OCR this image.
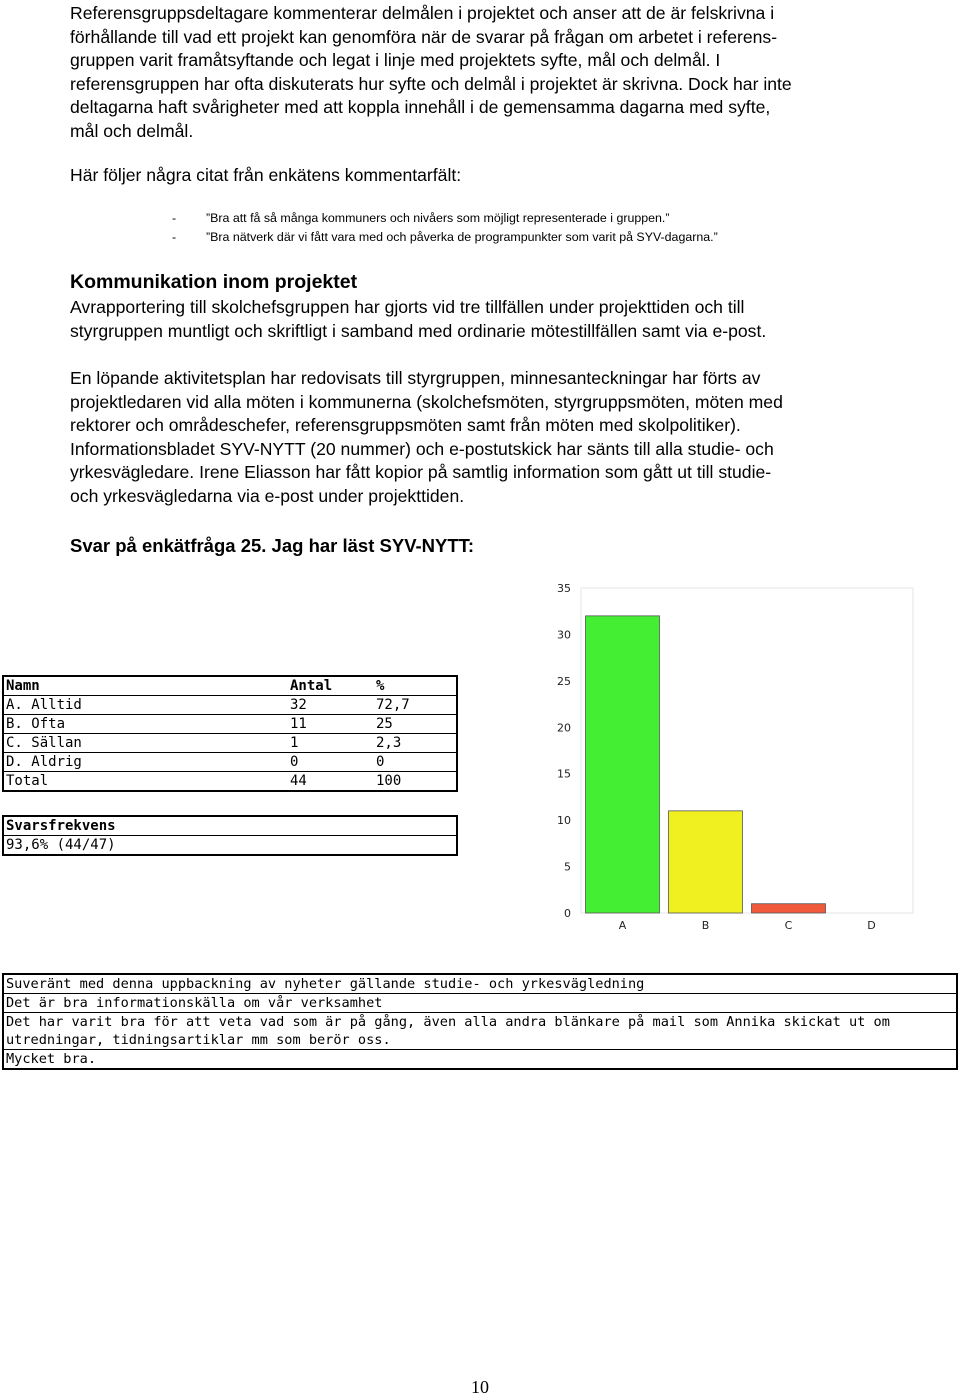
Referensgruppsdeltagare kommenterar delmålen i projektet och anser att de är felskrivna i
förhållande till vad ett projekt kan genomföra när de svarar på frågan om arbetet i referens-
gruppen varit framåtsyftande och legat i linje med projektets syfte, mål och delmål. I
referensgruppen har ofta diskuterats hur syfte och delmål i projektet är skrivna. Dock har inte
deltagarna haft svårigheter med att koppla innehåll i de gemensamma dagarna med syfte,
mål och delmål.

Här följer några citat från enkätens kommentarfält:

- ”Bra att få så många kommuners och nivåers som möjligt representerade i gruppen.”
- ”Bra nätverk där vi fått vara med och påverka de programpunkter som varit på SYV-dagarna.”
Kommunikation inom projektet
Avrapportering till skolchefsgruppen har gjorts vid tre tillfällen under projekttiden och till
styrgruppen muntligt och skriftligt i samband med ordinarie mötestillfällen samt via e-post.
En löpande aktivitetsplan har redovisats till styrgruppen, minnesanteckningar har förts av
projektledaren vid alla möten i kommunerna (skolchefsmöten, styrgruppsmöten, möten med
rektorer och områdeschefer, referensgruppsmöten samt från möten med skolpolitiker).
Informationsbladet SYV-NYTT (20 nummer) och e-postutskick har sänts till alla studie- och
yrkesvägledare. Irene Eliasson har fått kopior på samtlig information som gått ut till studie-
och yrkesvägledarna via e-post under projekttiden.

Svar på enkätfråga 25. Jag har läst SYV-NYTT:

Namn	Antal	%
A. Alltid	32	72,7
B. Ofta	11	25
C. Sällan	1	2,3
D. Aldrig	0	0
Total	44	100
Svarsfrekvens
93,6% (44/47)
0
5
10
15
20
25
30
35
A	B	C	D
Suveränt med denna uppbackning av nyheter gällande studie- och yrkesvägledning
Det är bra informationskälla om vår verksamhet
Det har varit bra för att veta vad som är på gång, även alla andra blänkare på mail som Annika skickat ut om utredningar, tidningsartiklar mm som berör oss.
Mycket bra.
10
